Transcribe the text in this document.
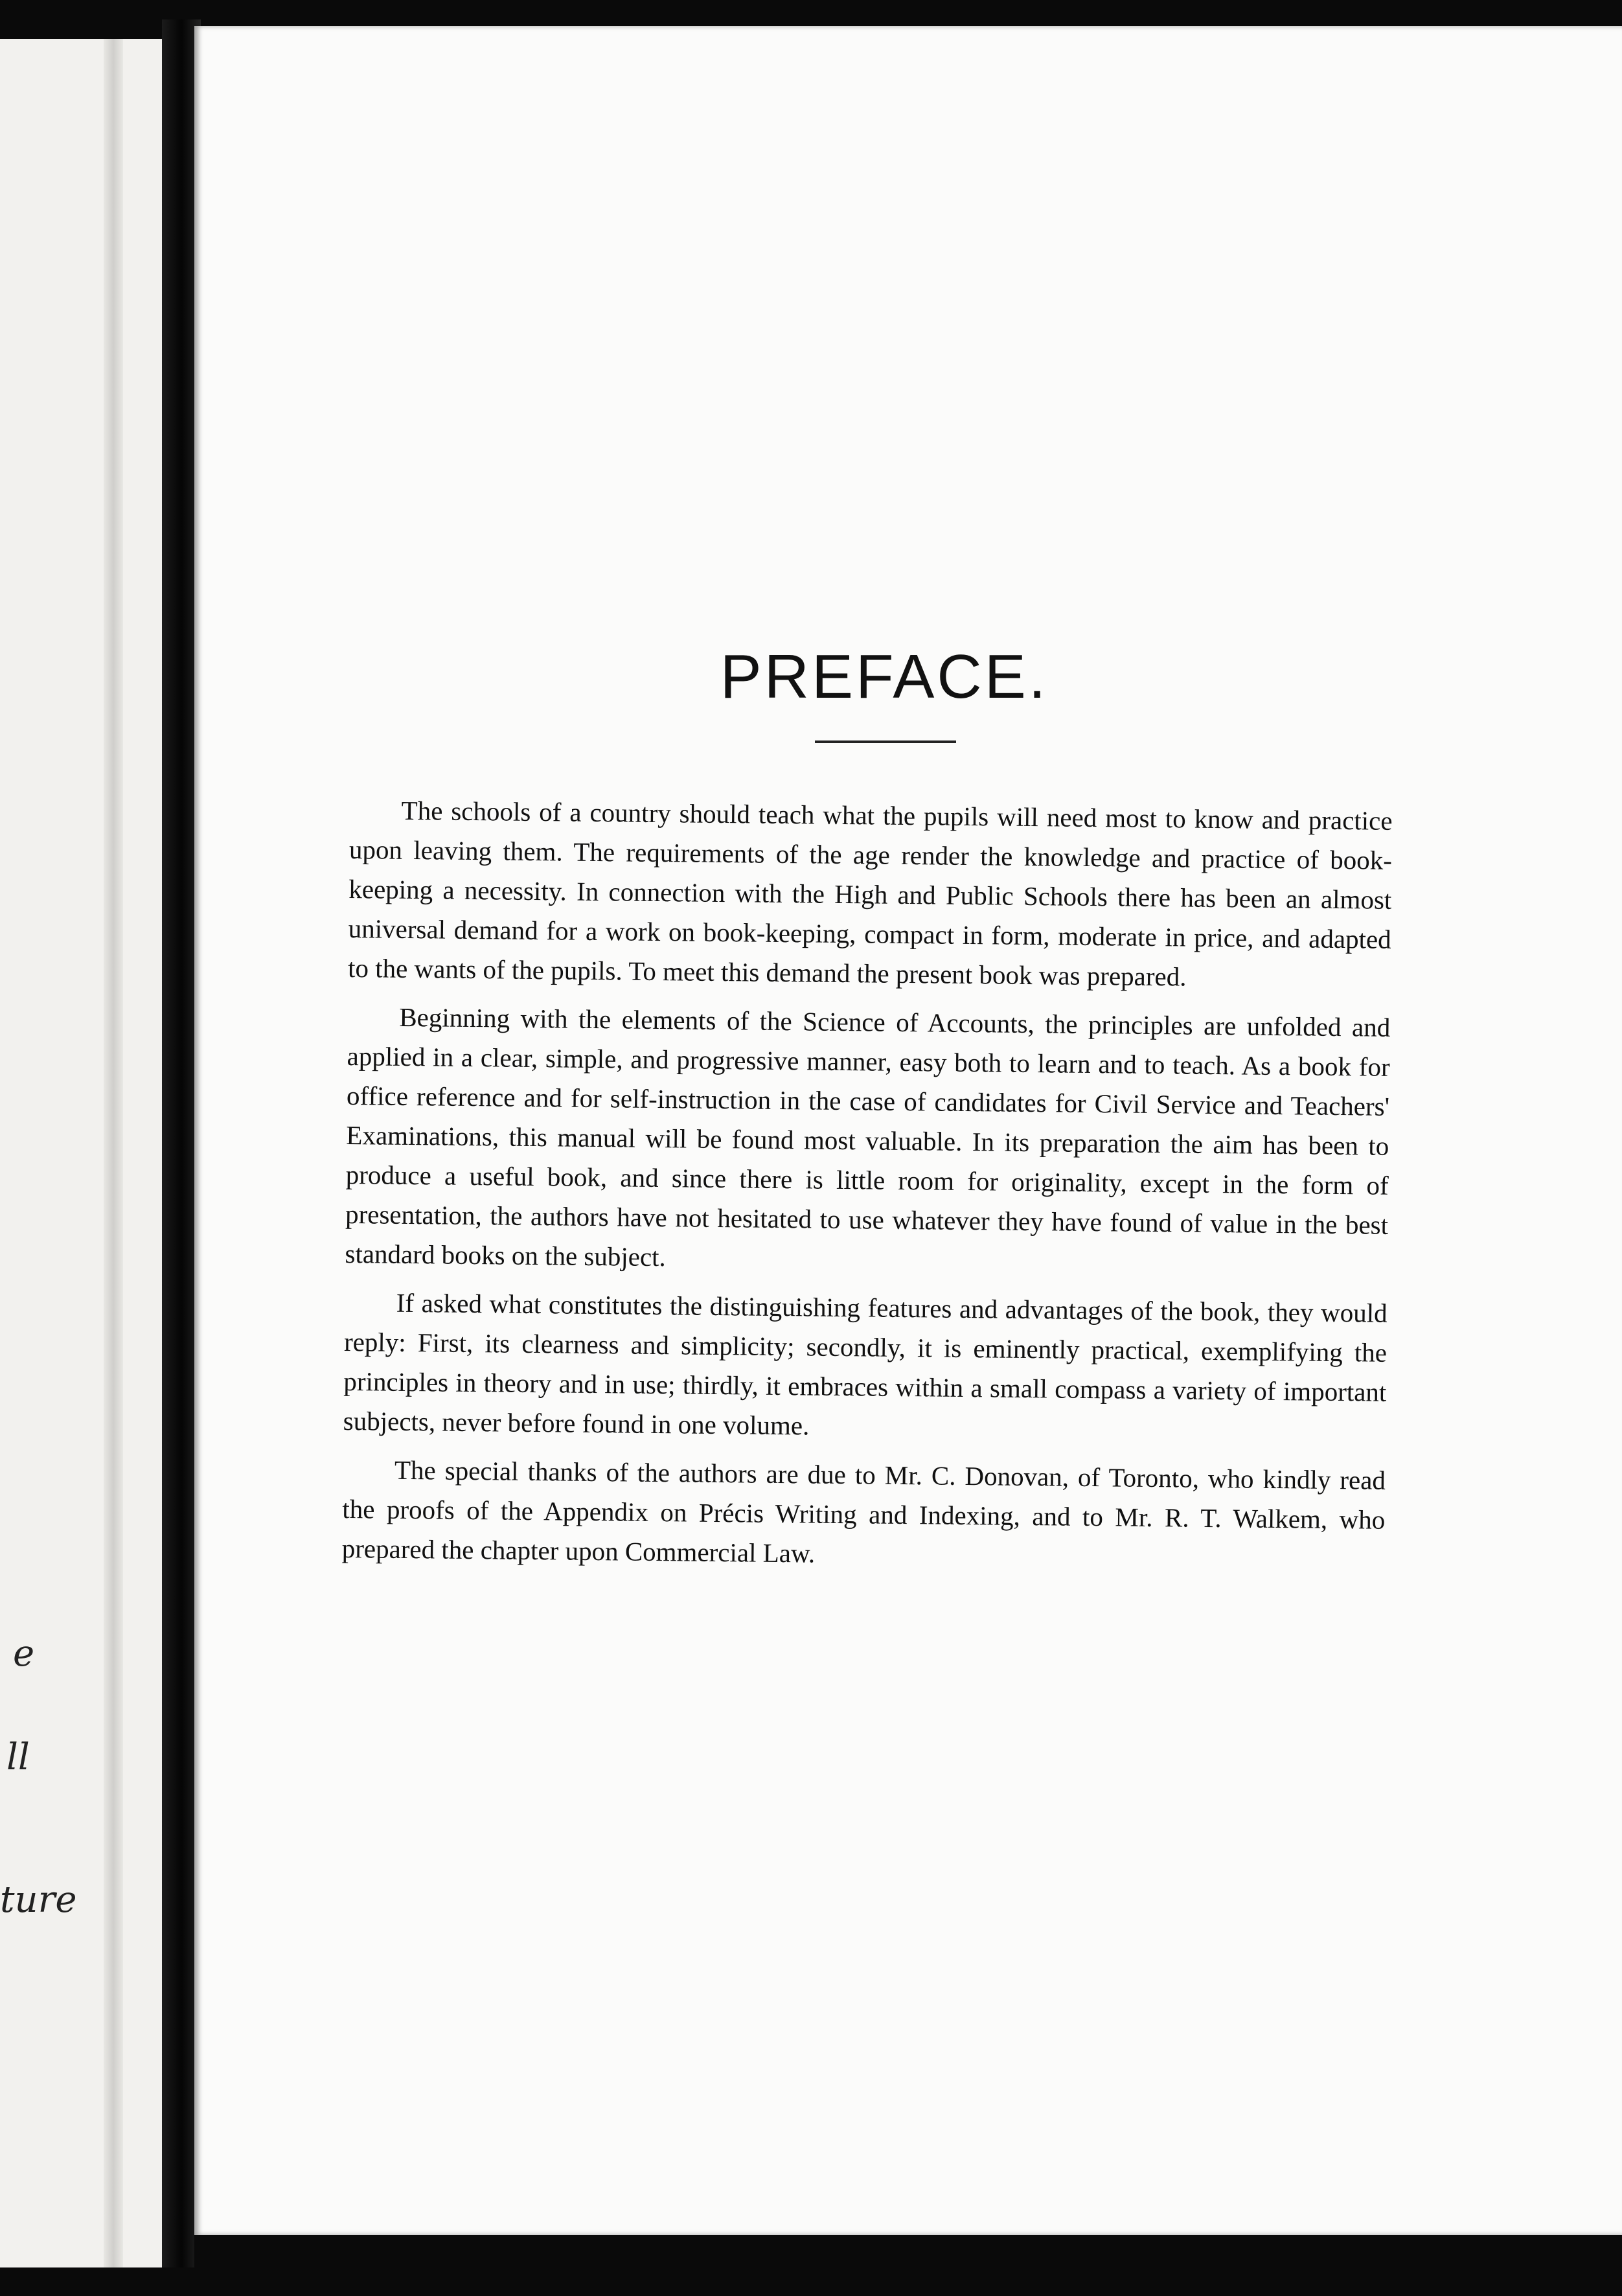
e
ll
ture
PREFACE.

The schools of a country should teach what the pupils will need most to know and practice upon leaving them. The requirements of the age render the knowledge and practice of book-keeping a necessity. In connection with the High and Public Schools there has been an almost universal demand for a work on book-keeping, compact in form, moderate in price, and adapted to the wants of the pupils. To meet this demand the present book was prepared.

Beginning with the elements of the Science of Accounts, the principles are unfolded and applied in a clear, simple, and progressive manner, easy both to learn and to teach. As a book for office reference and for self-instruction in the case of candidates for Civil Service and Teachers' Examinations, this manual will be found most valuable. In its preparation the aim has been to produce a useful book, and since there is little room for originality, except in the form of presentation, the authors have not hesitated to use whatever they have found of value in the best standard books on the subject.

If asked what constitutes the distinguishing features and advantages of the book, they would reply: First, its clearness and simplicity; secondly, it is eminently practical, exemplifying the principles in theory and in use; thirdly, it embraces within a small compass a variety of important subjects, never before found in one volume.

The special thanks of the authors are due to Mr. C. Donovan, of Toronto, who kindly read the proofs of the Appendix on Précis Writing and Indexing, and to Mr. R. T. Walkem, who prepared the chapter upon Commercial Law.
